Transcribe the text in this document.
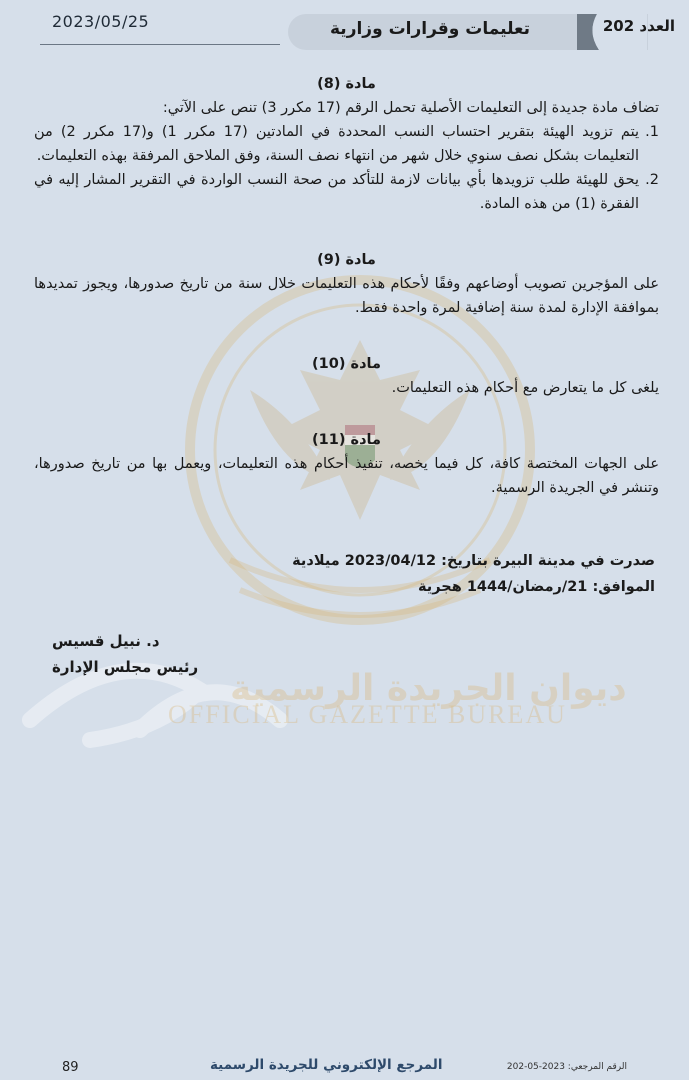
2023/05/25	تعليمات وقرارات وزارية	العدد 202
ديوان الجريدة الرسمية
OFFICIAL GAZETTE BUREAU

مادة (8)

تضاف مادة جديدة إلى التعليمات الأصلية تحمل الرقم (17 مكرر 3) تنص على الآتي:

1.

يتم تزويد الهيئة بتقرير احتساب النسب المحددة في المادتين (17 مكرر 1) و(17 مكرر 2) من التعليمات بشكل نصف سنوي خلال شهر من انتهاء نصف السنة، وفق الملاحق المرفقة بهذه التعليمات.

2.

يحق للهيئة طلب تزويدها بأي بيانات لازمة للتأكد من صحة النسب الواردة في التقرير المشار إليه في الفقرة (1) من هذه المادة.

مادة (9)

على المؤجرين تصويب أوضاعهم وفقًا لأحكام هذه التعليمات خلال سنة من تاريخ صدورها، ويجوز تمديدها بموافقة الإدارة لمدة سنة إضافية لمرة واحدة فقط.

مادة (10)

يلغى كل ما يتعارض مع أحكام هذه التعليمات.

مادة (11)

على الجهات المختصة كافة، كل فيما يخصه، تنفيذ أحكام هذه التعليمات، ويعمل بها من تاريخ صدورها، وتنشر في الجريدة الرسمية.

صدرت في مدينة البيرة بتاريخ: 2023/04/12 ميلادية
الموافق: 21/رمضان/1444 هجرية
د. نبيل قسيس
رئيس مجلس الإدارة
89	المرجع الإلكتروني للجريدة الرسمية	الرقم المرجعي: 2023-05-202
